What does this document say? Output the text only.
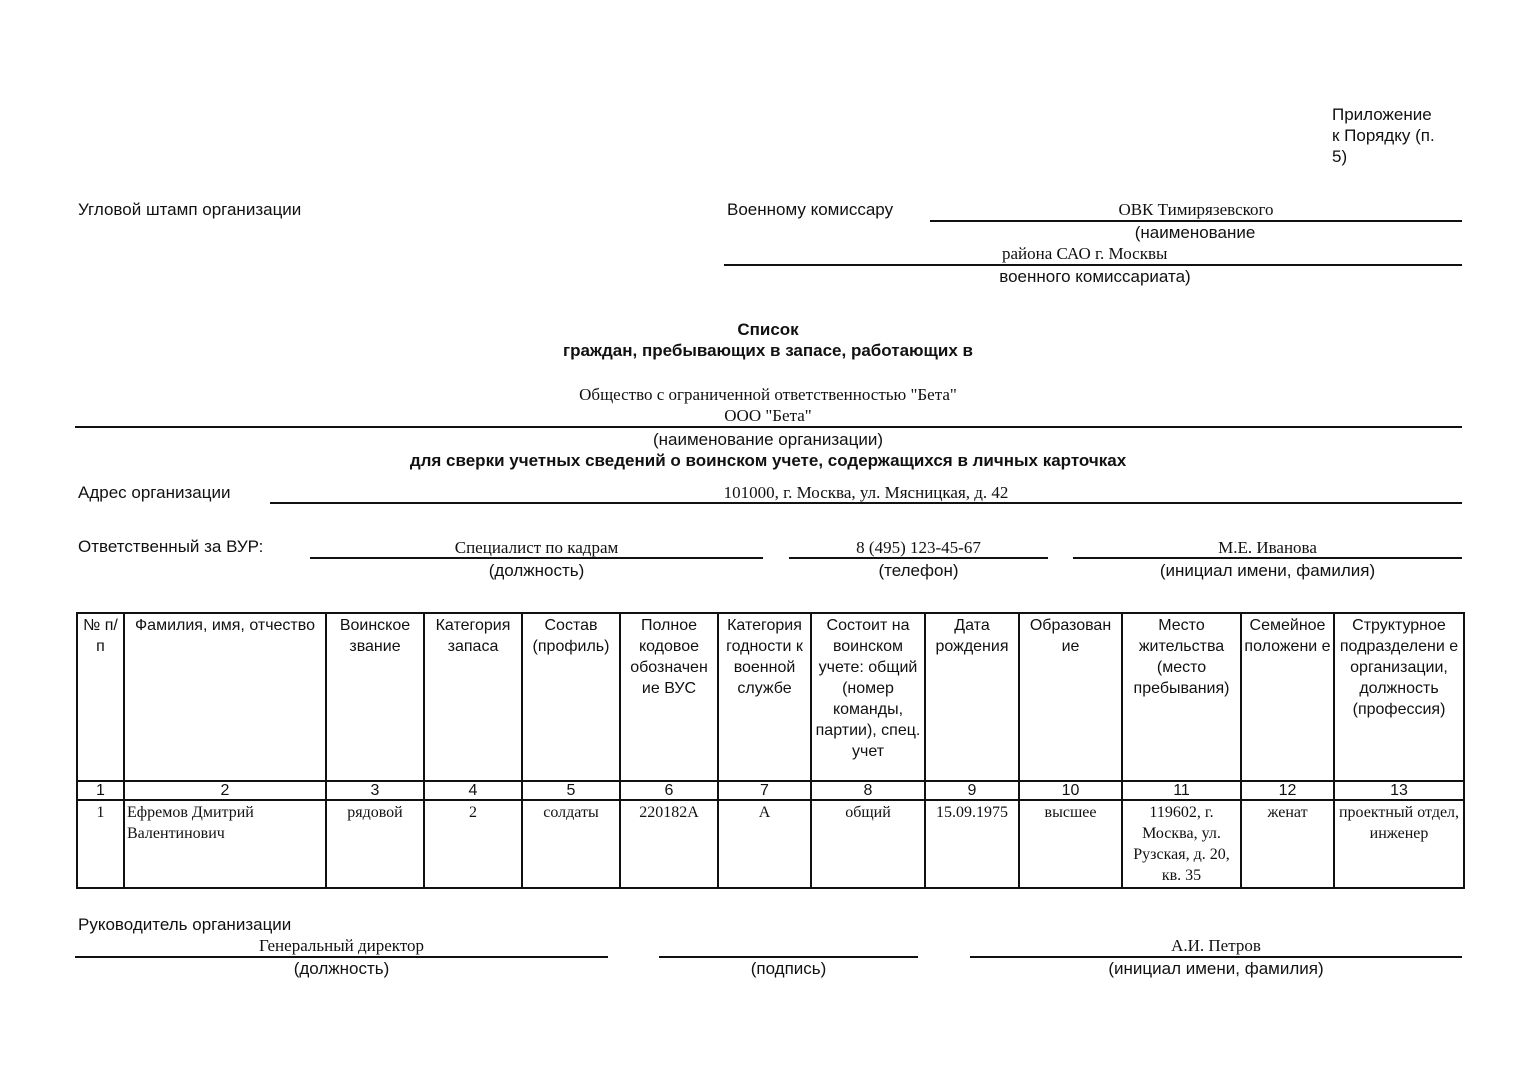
Приложение
к Порядку (п.
5)
Угловой штамп организации	Военному комиссару	ОВК Тимирязевского
(наименование
района САО г. Москвы
военного комиссариата)
Список
граждан, пребывающих в запасе, работающих в
Общество с ограниченной ответственностью "Бета"
ООО "Бета"
(наименование организации)
для сверки учетных сведений о воинском учете, содержащихся в личных карточках
Адрес организации	101000, г. Москва, ул. Мясницкая, д. 42
Ответственный за ВУР:	Специалист по кадрам
(должность)
8 (495) 123-45-67
(телефон)
М.Е. Иванова
(инициал имени, фамилия)
№ п/п	Фамилия, имя, отчество	Воинское звание	Категория запаса	Состав (профиль)	Полное кодовое обозначен ие ВУС	Категория годности к военной службе	Состоит на воинском учете: общий (номер команды, партии), спец. учет	Дата рождения	Образован ие	Место жительства (место пребывания)	Семейное положени е	Структурное подразделени е организации, должность (профессия)
1	2	3	4	5	6	7	8	9	10	11	12	13
1	Ефремов Дмитрий Валентинович	рядовой	2	солдаты	220182А	А	общий	15.09.1975	высшее	119602, г. Москва, ул. Рузская, д. 20, кв. 35	женат	проектный отдел, инженер
Руководитель организации
Генеральный директор
(должность)	(подпись)
А.И. Петров
(инициал имени, фамилия)
